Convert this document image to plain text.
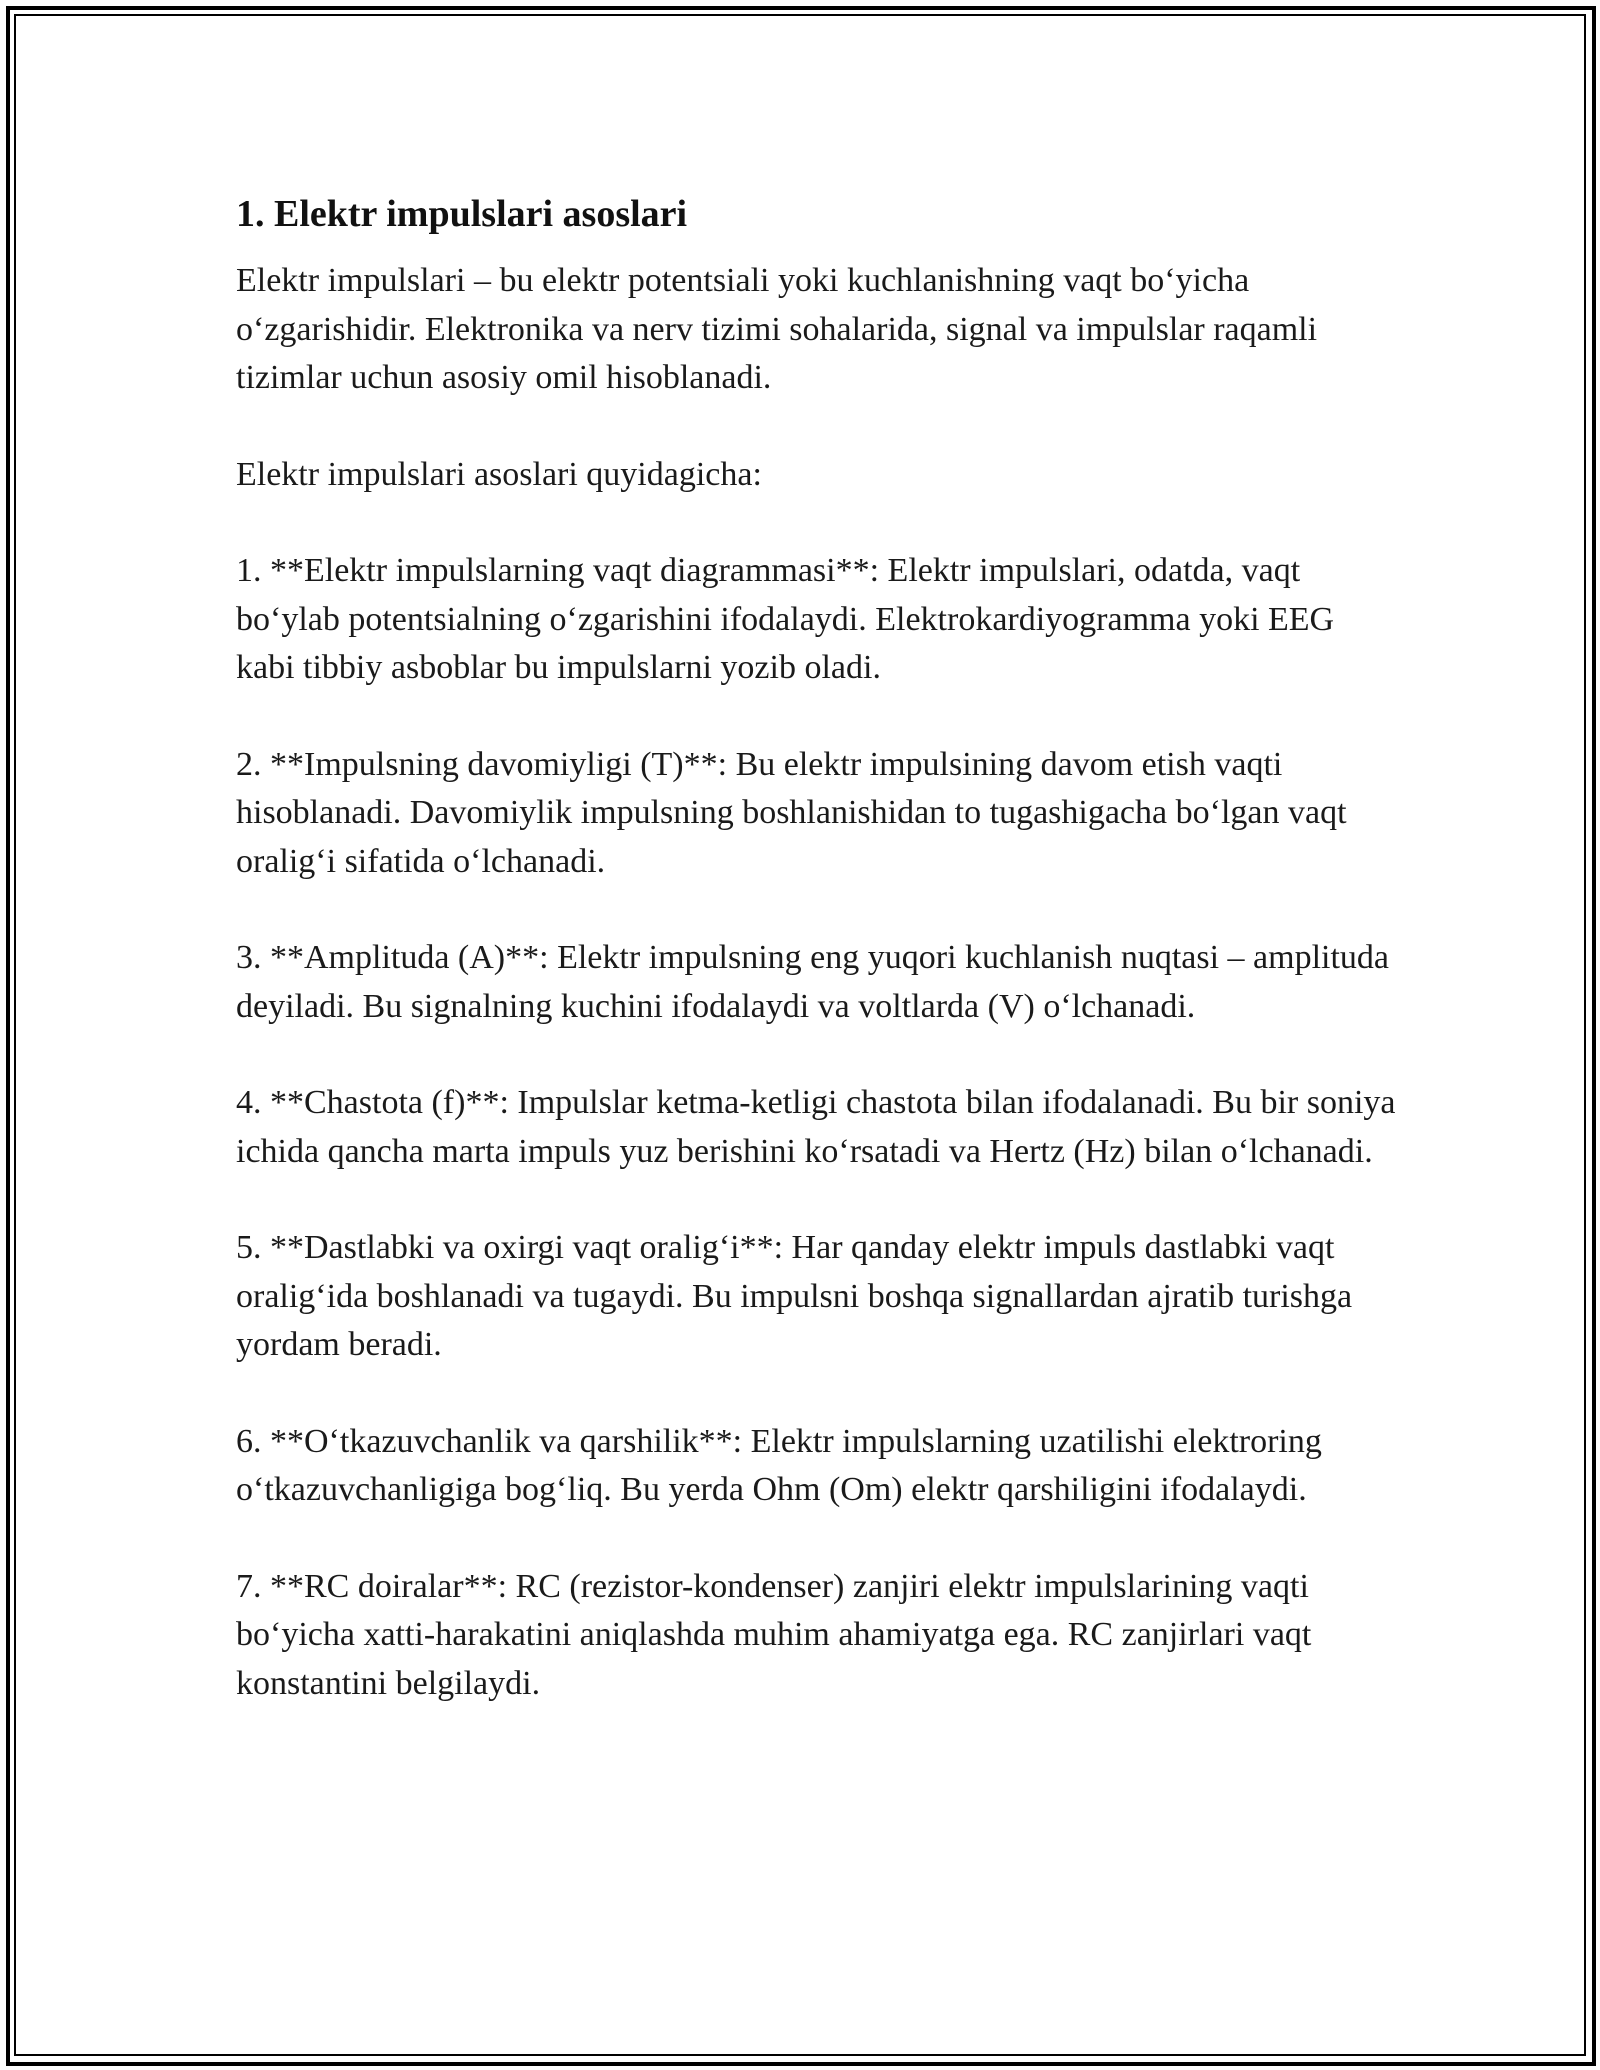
1. Elektr impulslari asoslari

Elektr impulslari – bu elektr potentsiali yoki kuchlanishning vaqt bo‘yicha o‘zgarishidir. Elektronika va nerv tizimi sohalarida, signal va impulslar raqamli tizimlar uchun asosiy omil hisoblanadi.

Elektr impulslari asoslari quyidagicha:

1. **Elektr impulslarning vaqt diagrammasi**: Elektr impulslari, odatda, vaqt bo‘ylab potentsialning o‘zgarishini ifodalaydi. Elektrokardiyogramma yoki EEG kabi tibbiy asboblar bu impulslarni yozib oladi.

2. **Impulsning davomiyligi (T)**: Bu elektr impulsining davom etish vaqti hisoblanadi. Davomiylik impulsning boshlanishidan to tugashigacha bo‘lgan vaqt oralig‘i sifatida o‘lchanadi.

3. **Amplituda (A)**: Elektr impulsning eng yuqori kuchlanish nuqtasi – amplituda deyiladi. Bu signalning kuchini ifodalaydi va voltlarda (V) o‘lchanadi.

4. **Chastota (f)**: Impulslar ketma-ketligi chastota bilan ifodalanadi. Bu bir soniya ichida qancha marta impuls yuz berishini ko‘rsatadi va Hertz (Hz) bilan o‘lchanadi.

5. **Dastlabki va oxirgi vaqt oralig‘i**: Har qanday elektr impuls dastlabki vaqt oralig‘ida boshlanadi va tugaydi. Bu impulsni boshqa signallardan ajratib turishga yordam beradi.

6. **O‘tkazuvchanlik va qarshilik**: Elektr impulslarning uzatilishi elektroring o‘tkazuvchanligiga bog‘liq. Bu yerda Ohm (Om) elektr qarshiligini ifodalaydi.

7. **RC doiralar**: RC (rezistor-kondenser) zanjiri elektr impulslarining vaqti bo‘yicha xatti-harakatini aniqlashda muhim ahamiyatga ega. RC zanjirlari vaqt konstantini belgilaydi.
